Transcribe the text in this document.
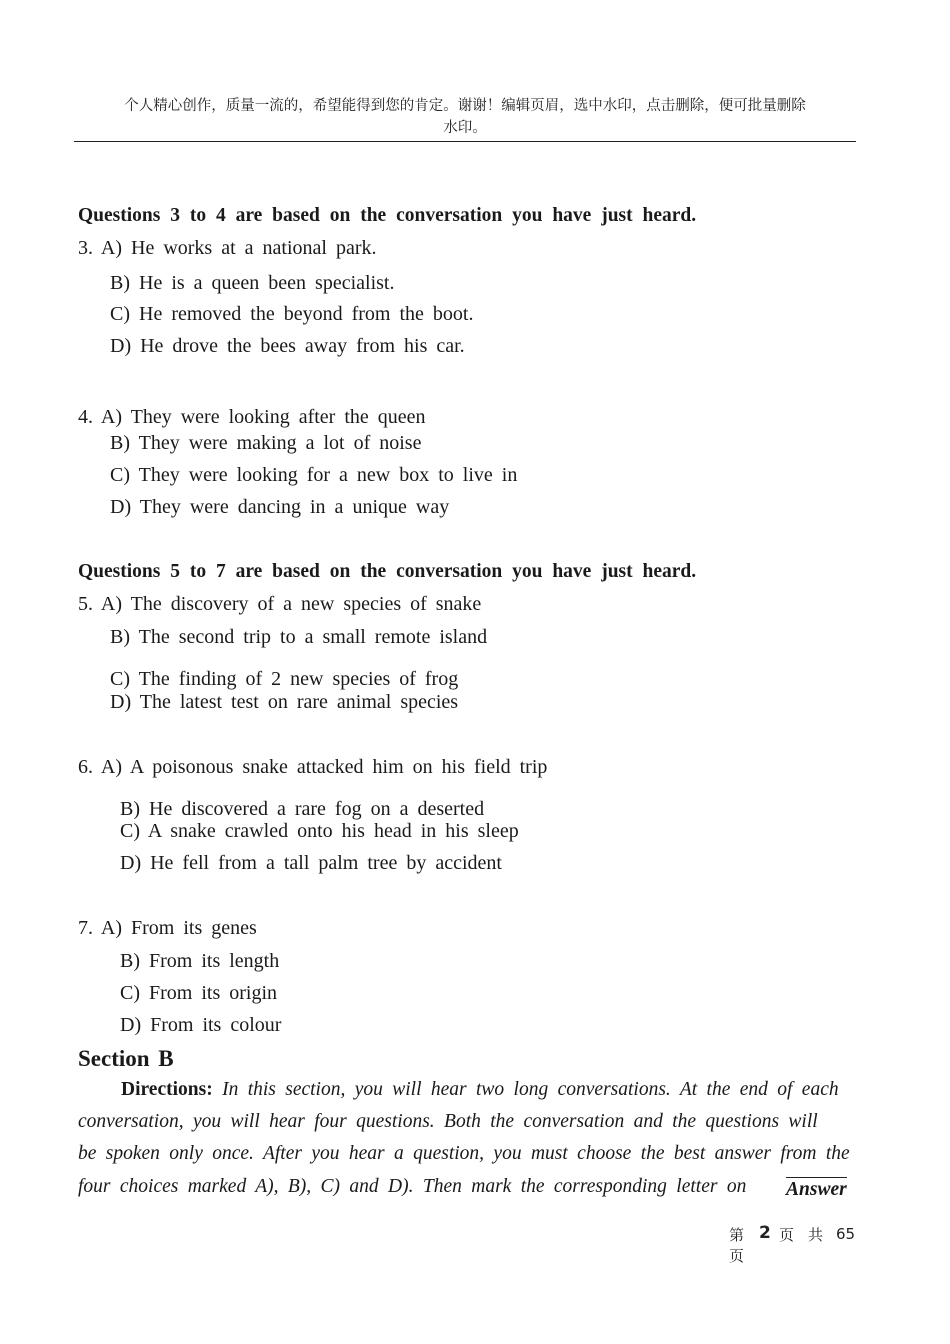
个人精心创作，质量一流的，希望能得到您的肯定。谢谢！编辑页眉，选中水印，点击删除，便可批量删除
水印。
Questions 3 to 4 are based on the conversation you have just heard.
3. A) He works at a national park.
B) He is a queen been specialist.
C) He removed the beyond from the boot.
D) He drove the bees away from his car.
4. A) They were looking after the queen
B) They were making a lot of noise
C) They were looking for a new box to live in
D) They were dancing in a unique way
Questions 5 to 7 are based on the conversation you have just heard.
5. A) The discovery of a new species of snake
B) The second trip to a small remote island
C) The finding of 2 new species of frog
D) The latest test on rare animal species
6. A) A poisonous snake attacked him on his field trip
B) He discovered a rare fog on a deserted
C) A snake crawled onto his head in his sleep
D) He fell from a tall palm tree by accident
7. A) From its genes
B) From its length
C) From its origin
D) From its colour
Section B
Directions: In this section, you will hear two long conversations. At the end of each
conversation, you will hear four questions. Both the conversation and the questions will
be spoken only once. After you hear a question, you must choose the best answer from the
four choices marked A), B), C) and D). Then mark the corresponding letter on Answer
第 2 页 共 65
页
